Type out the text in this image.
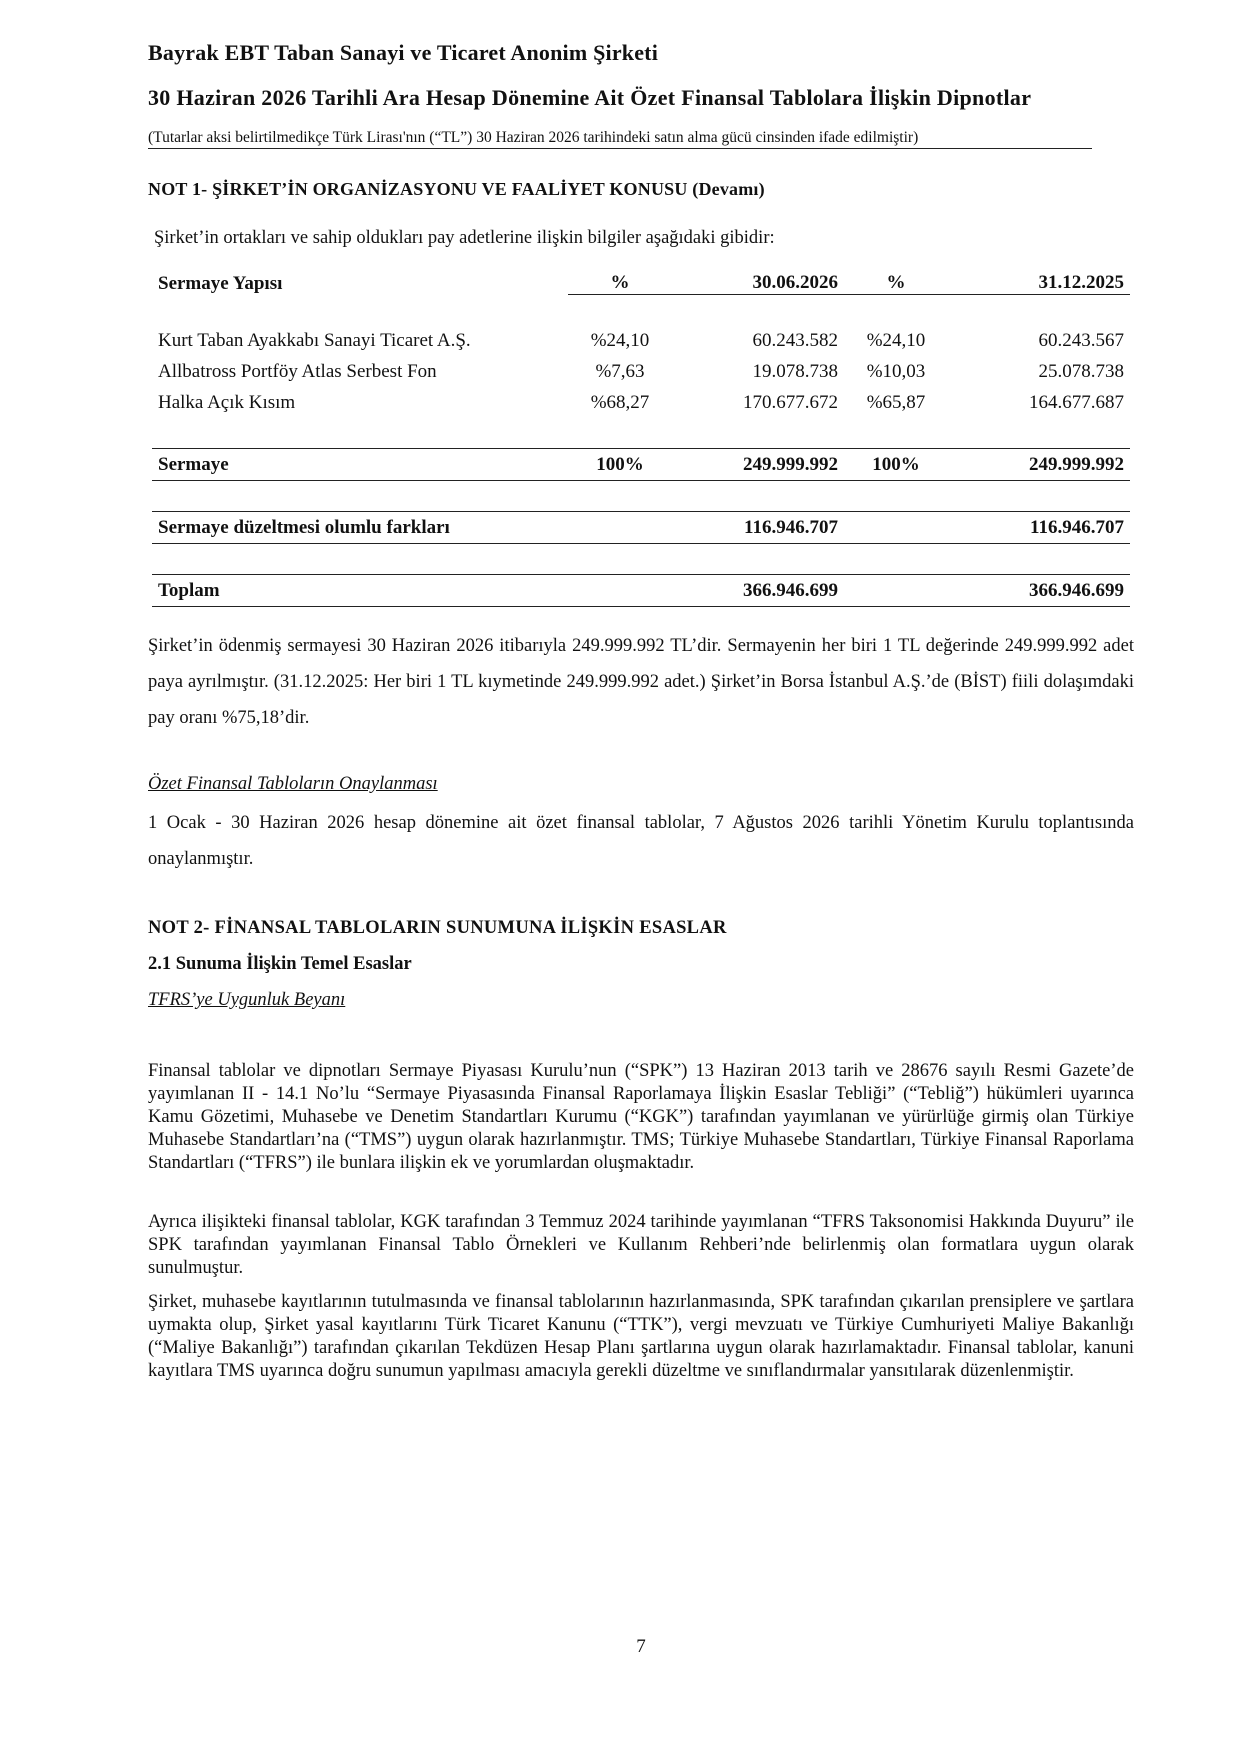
Bayrak EBT Taban Sanayi ve Ticaret Anonim Şirketi
30 Haziran 2026 Tarihli Ara Hesap Dönemine Ait Özet Finansal Tablolara İlişkin Dipnotlar
(Tutarlar aksi belirtilmedikçe Türk Lirası'nın (“TL”) 30 Haziran 2026 tarihindeki satın alma gücü cinsinden ifade edilmiştir)
NOT 1- ŞİRKET’İN ORGANİZASYONU VE FAALİYET KONUSU (Devamı)
Şirket’in ortakları ve sahip oldukları pay adetlerine ilişkin bilgiler aşağıdaki gibidir:
Sermaye Yapısı	%	30.06.2026	%	31.12.2025

Kurt Taban Ayakkabı Sanayi Ticaret A.Ş.	%24,10	60.243.582	%24,10	60.243.567
Allbatross Portföy Atlas Serbest Fon	%7,63	19.078.738	%10,03	25.078.738
Halka Açık Kısım	%68,27	170.677.672	%65,87	164.677.687

Sermaye	100%	249.999.992	100%	249.999.992

Sermaye düzeltmesi olumlu farkları		116.946.707		116.946.707

Toplam		366.946.699		366.946.699
Şirket’in ödenmiş sermayesi 30 Haziran 2026 itibarıyla 249.999.992 TL’dir. Sermayenin her biri 1 TL değerinde 249.999.992 adet paya ayrılmıştır. (31.12.2025: Her biri 1 TL kıymetinde 249.999.992 adet.) Şirket’in Borsa İstanbul A.Ş.’de (BİST) fiili dolaşımdaki pay oranı %75,18’dir.
Özet Finansal Tabloların Onaylanması
1 Ocak - 30 Haziran 2026 hesap dönemine ait özet finansal tablolar, 7 Ağustos 2026 tarihli Yönetim Kurulu toplantısında onaylanmıştır.
NOT 2- FİNANSAL TABLOLARIN SUNUMUNA İLİŞKİN ESASLAR
2.1 Sunuma İlişkin Temel Esaslar
TFRS’ye Uygunluk Beyanı
Finansal tablolar ve dipnotları Sermaye Piyasası Kurulu’nun (“SPK”) 13 Haziran 2013 tarih ve 28676 sayılı Resmi Gazete’de yayımlanan II - 14.1 No’lu “Sermaye Piyasasında Finansal Raporlamaya İlişkin Esaslar Tebliği” (“Tebliğ”) hükümleri uyarınca Kamu Gözetimi, Muhasebe ve Denetim Standartları Kurumu (“KGK”) tarafından yayımlanan ve yürürlüğe girmiş olan Türkiye Muhasebe Standartları’na (“TMS”) uygun olarak hazırlanmıştır. TMS; Türkiye Muhasebe Standartları, Türkiye Finansal Raporlama Standartları (“TFRS”) ile bunlara ilişkin ek ve yorumlardan oluşmaktadır.
Ayrıca ilişikteki finansal tablolar, KGK tarafından 3 Temmuz 2024 tarihinde yayımlanan “TFRS Taksonomisi Hakkında Duyuru” ile SPK tarafından yayımlanan Finansal Tablo Örnekleri ve Kullanım Rehberi’nde belirlenmiş olan formatlara uygun olarak sunulmuştur.
Şirket, muhasebe kayıtlarının tutulmasında ve finansal tablolarının hazırlanmasında, SPK tarafından çıkarılan prensiplere ve şartlara uymakta olup, Şirket yasal kayıtlarını Türk Ticaret Kanunu (“TTK”), vergi mevzuatı ve Türkiye Cumhuriyeti Maliye Bakanlığı (“Maliye Bakanlığı”) tarafından çıkarılan Tekdüzen Hesap Planı şartlarına uygun olarak hazırlamaktadır. Finansal tablolar, kanuni kayıtlara TMS uyarınca doğru sunumun yapılması amacıyla gerekli düzeltme ve sınıflandırmalar yansıtılarak düzenlenmiştir.
7
